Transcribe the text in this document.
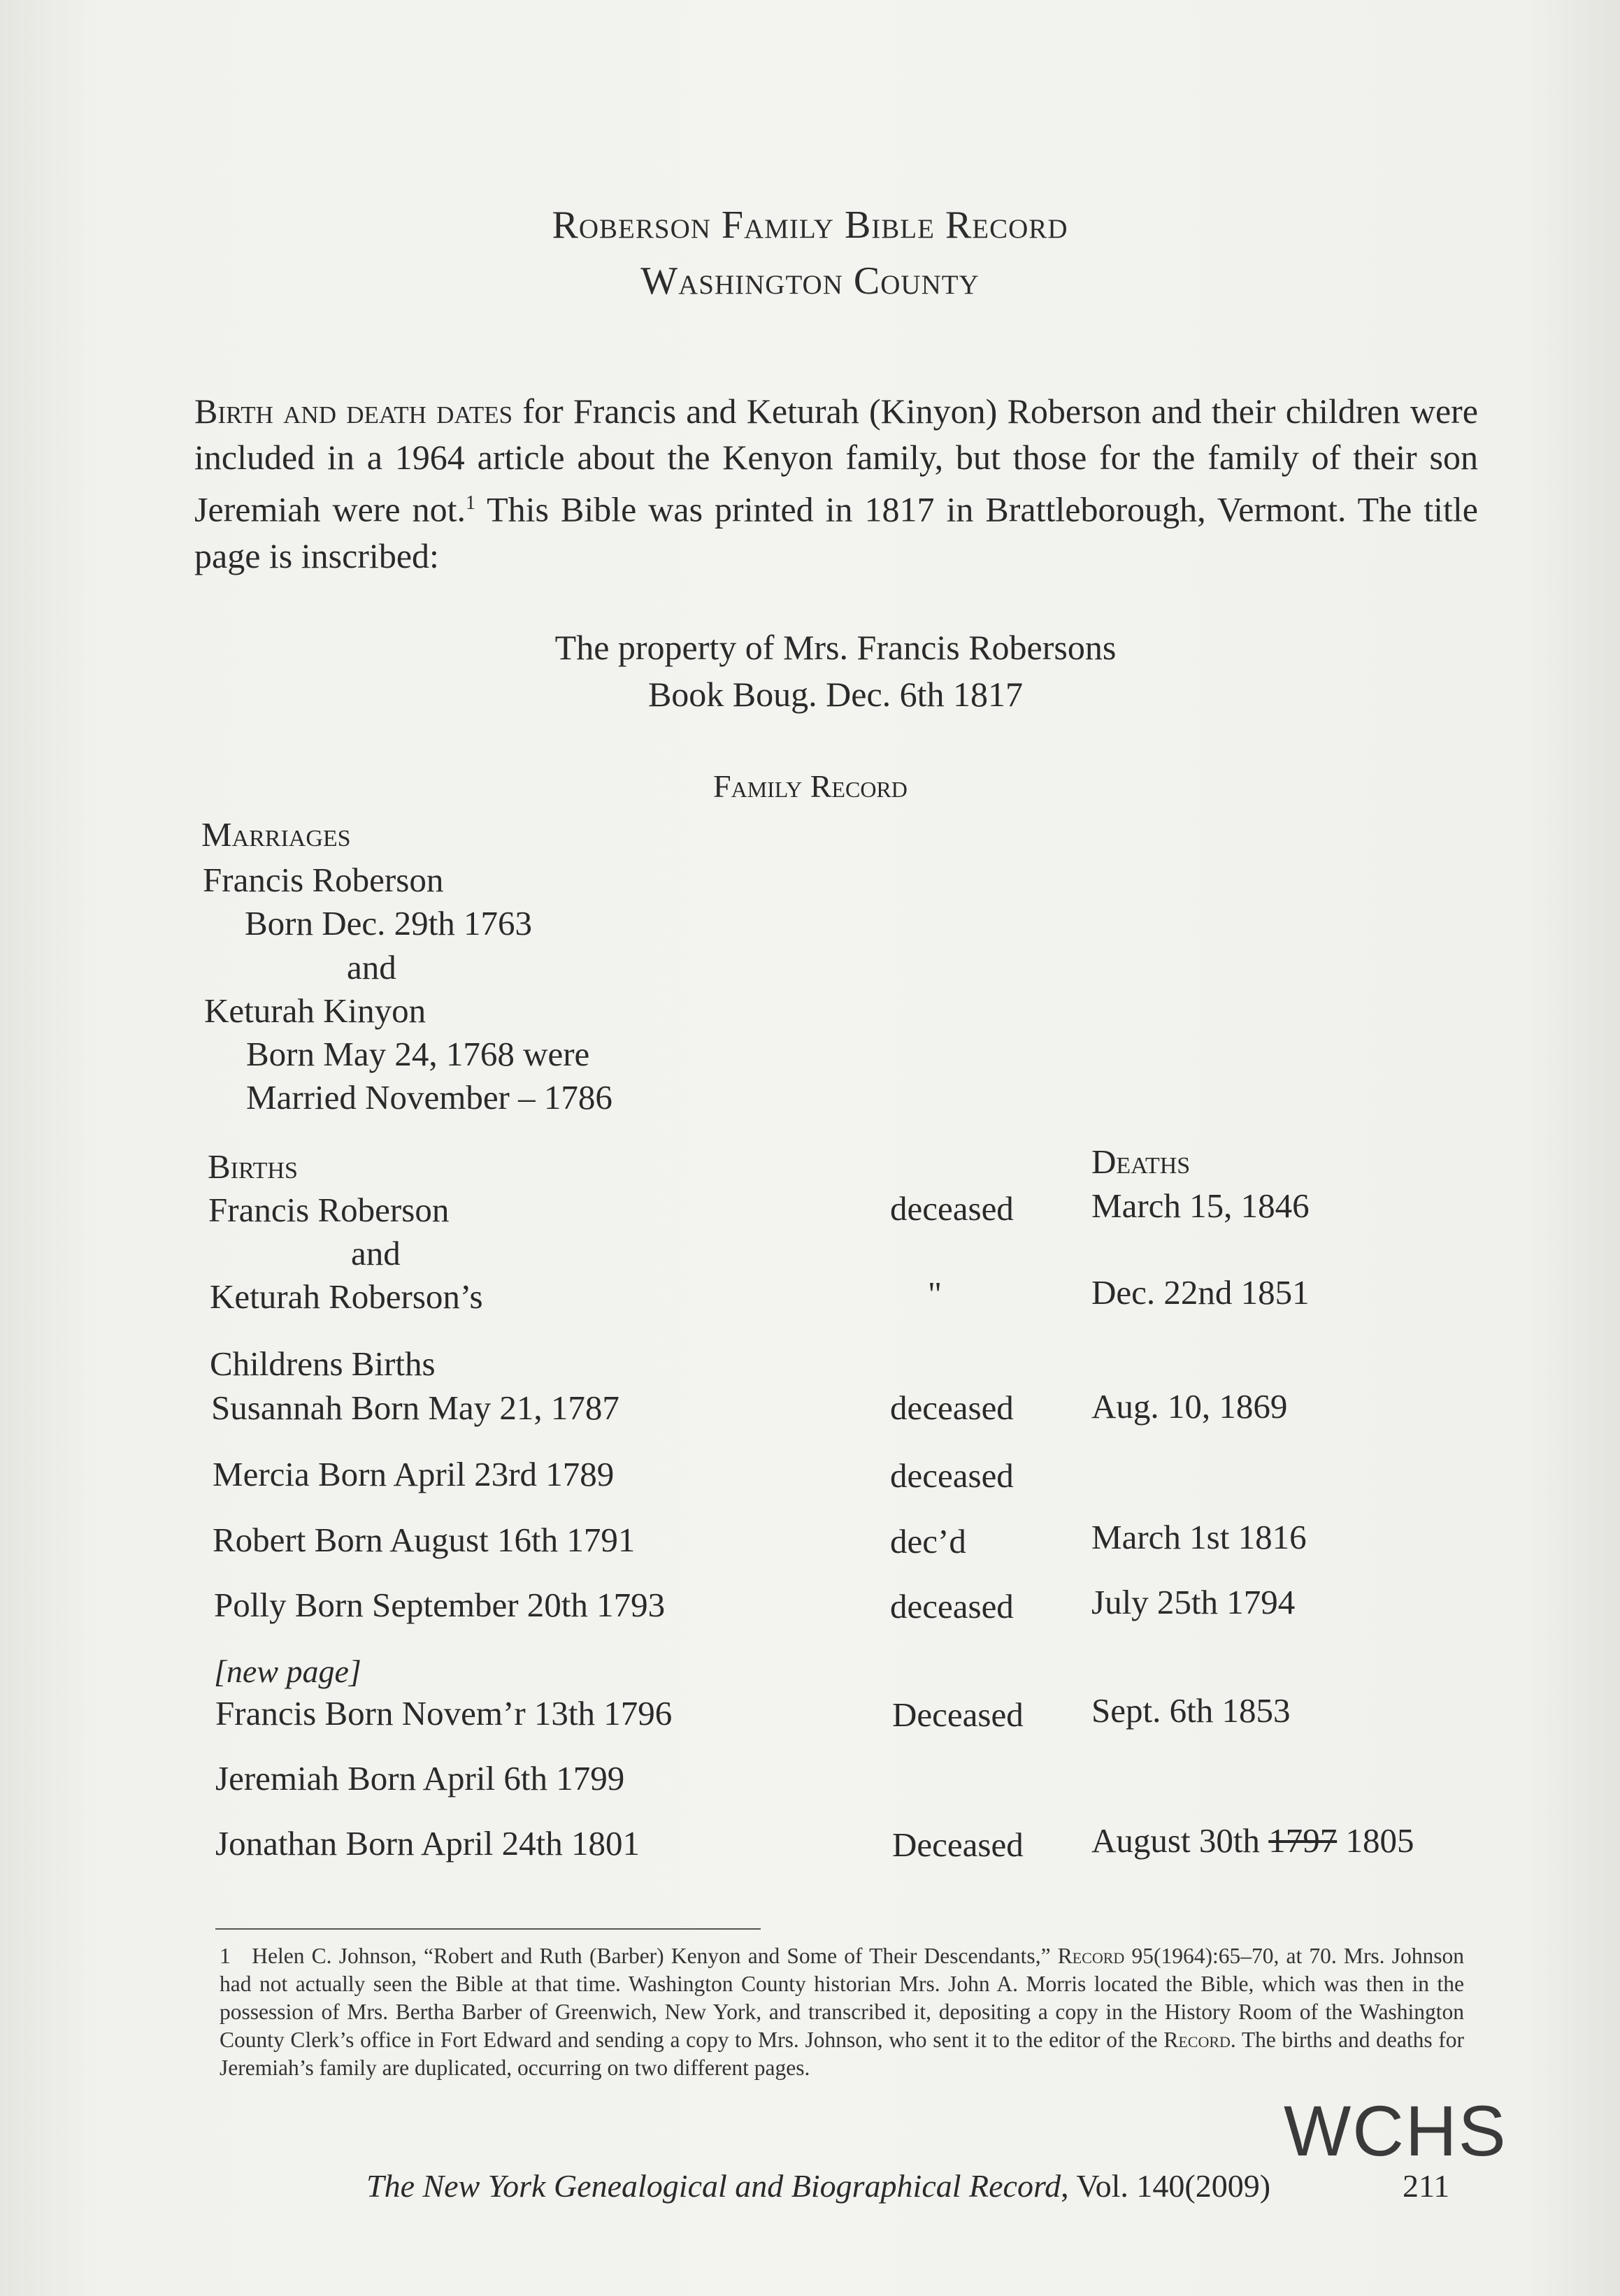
Roberson Family Bible Record
Washington County
Birth and death dates for Francis and Keturah (Kinyon) Roberson and their children were included in a 1964 article about the Kenyon family, but those for the family of their son Jeremiah were not.$^1$ This Bible was printed in 1817 in Brattleborough, Vermont. The title page is inscribed:
The property of Mrs. Francis Robersons
Book Boug. Dec. 6th 1817
Family Record
Marriages
Francis Roberson
Born Dec. 29th 1763
and
Keturah Kinyon
Born May 24, 1768 were
Married November – 1786
Births	Deaths
Francis Roberson	deceased March 15, 1846
and
Keturah Roberson’s	"	Dec. 22nd 1851
Childrens Births
Susannah Born May 21, 1787	deceased Aug. 10, 1869
Mercia Born April 23rd 1789	deceased
Robert Born August 16th 1791	dec’d	March 1st 1816
Polly Born September 20th 1793	deceased July 25th 1794
[new page]
Francis Born Novem’r 13th 1796	Deceased Sept. 6th 1853
Jeremiah Born April 6th 1799
Jonathan Born April 24th 1801	Deceased August 30th 1797 1805
1 Helen C. Johnson, “Robert and Ruth (Barber) Kenyon and Some of Their Descendants,” Record 95(1964):65–70, at 70. Mrs. Johnson had not actually seen the Bible at that time. Washington County historian Mrs. John A. Morris located the Bible, which was then in the possession of Mrs. Bertha Barber of Greenwich, New York, and transcribed it, depositing a copy in the History Room of the Washington County Clerk’s office in Fort Edward and sending a copy to Mrs. Johnson, who sent it to the editor of the Record. The births and deaths for Jeremiah’s family are duplicated, occurring on two different pages.
The New York Genealogical and Biographical Record, Vol. 140(2009)	211
WCHS
